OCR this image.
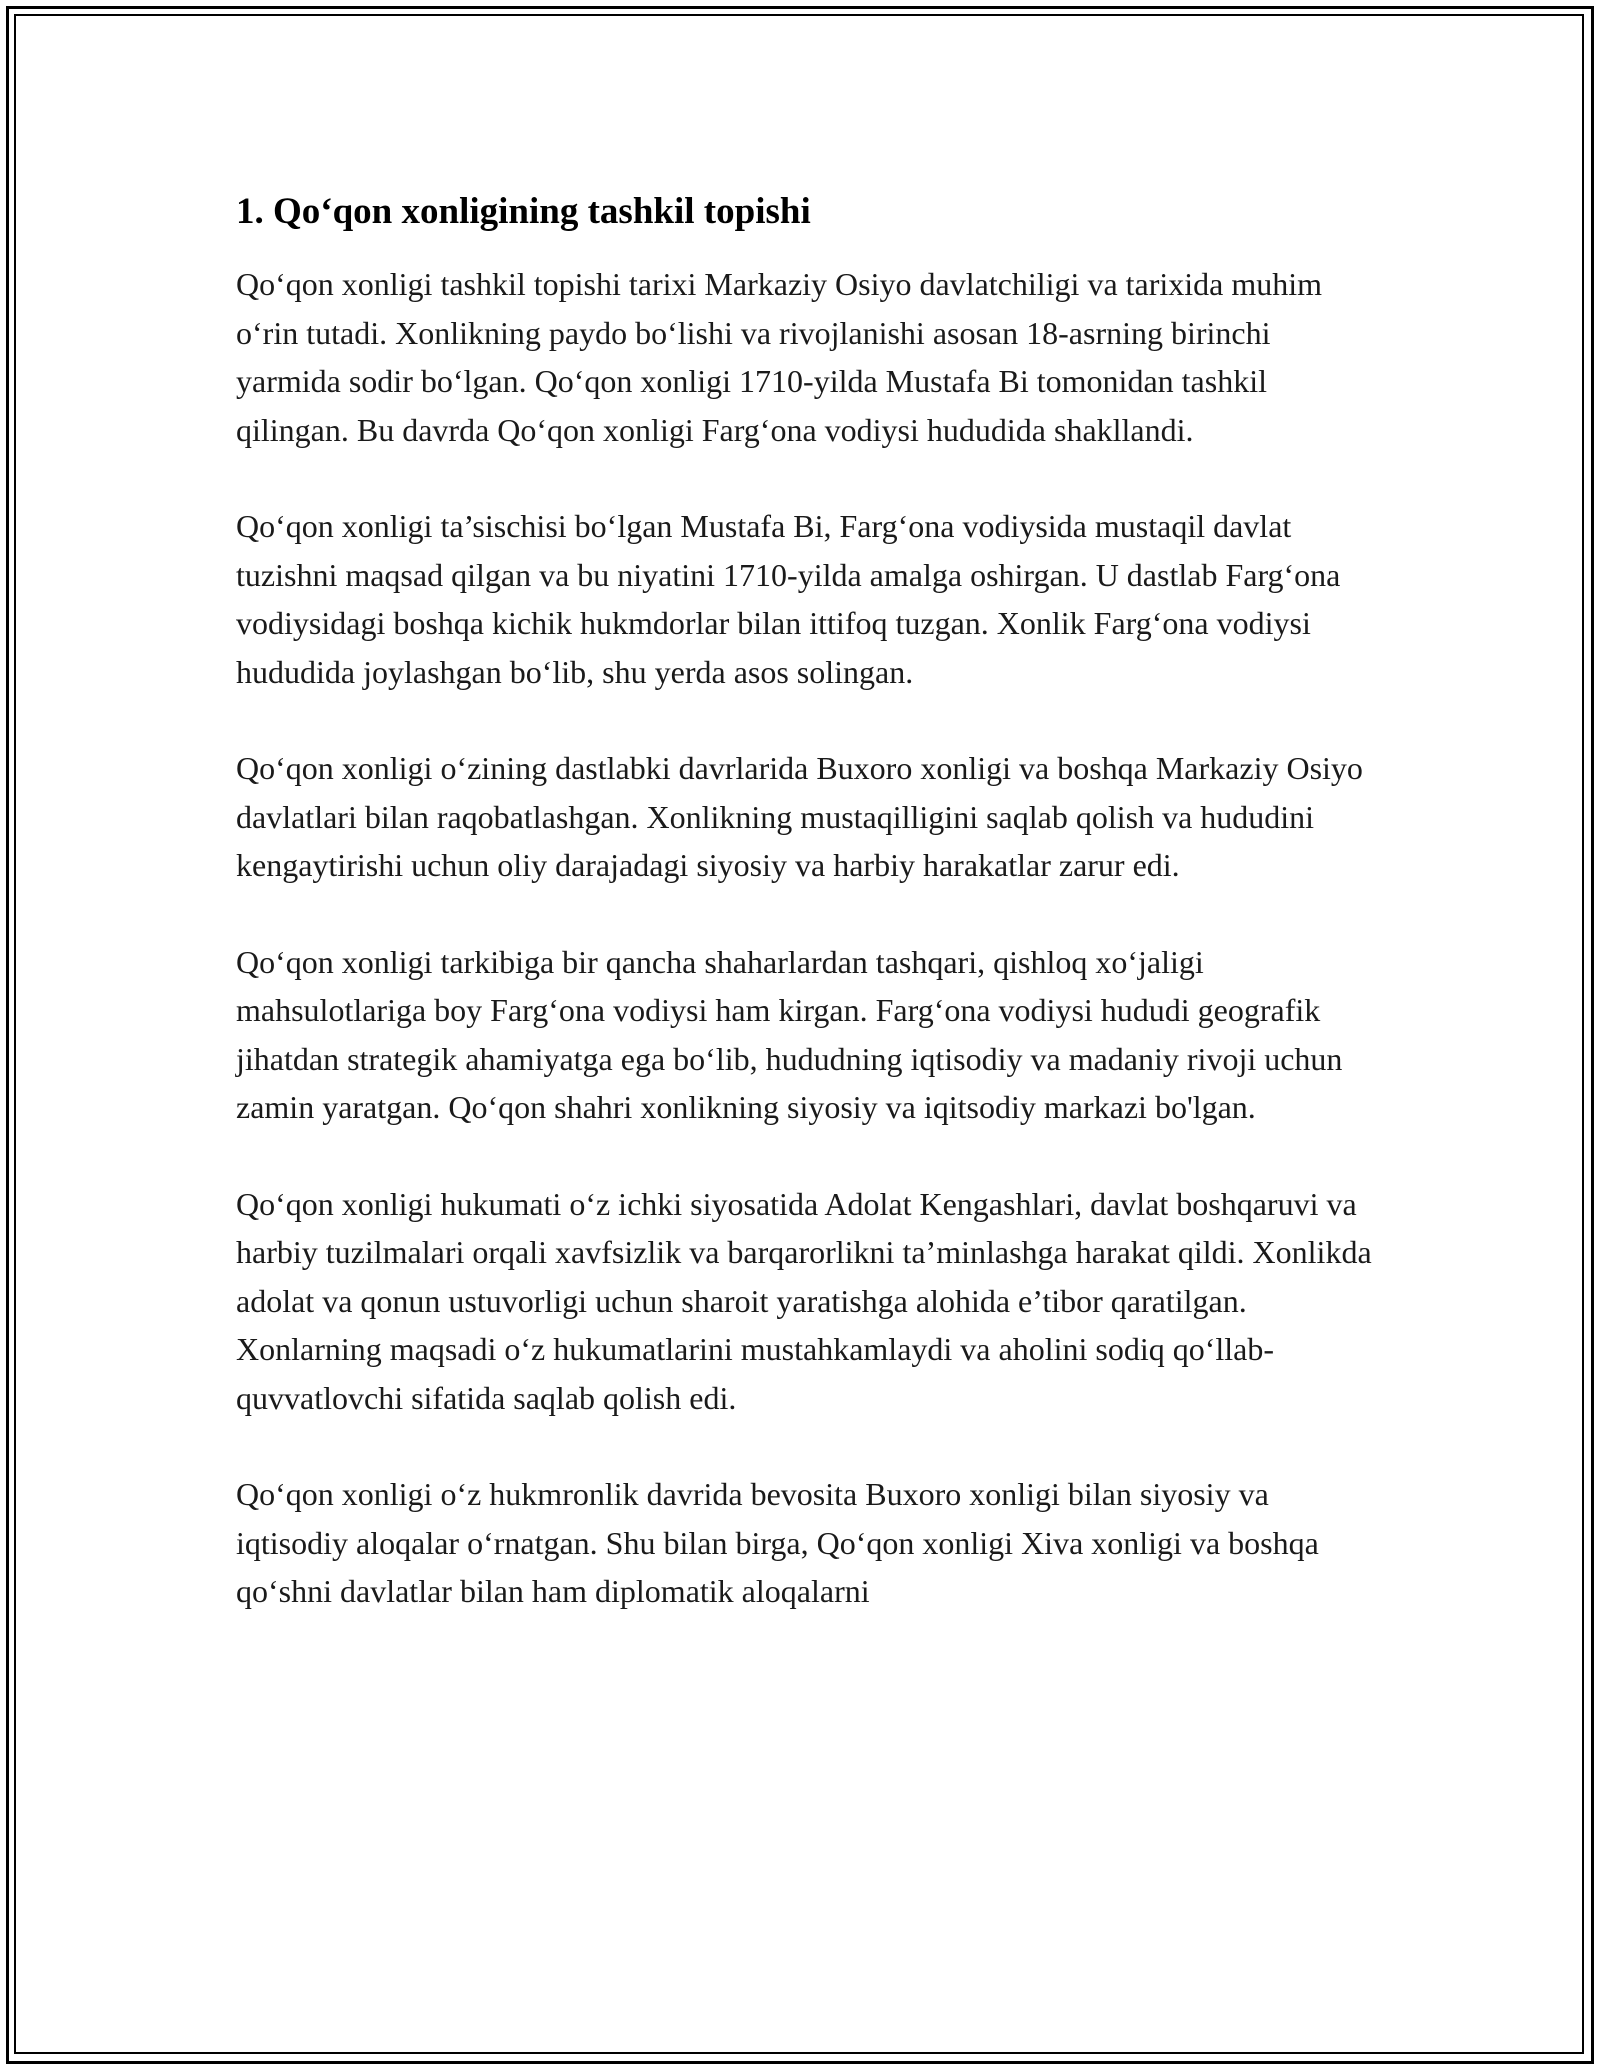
1. Qo‘qon xonligining tashkil topishi

Qo‘qon xonligi tashkil topishi tarixi Markaziy Osiyo davlatchiligi va tarixida muhim o‘rin tutadi. Xonlikning paydo bo‘lishi va rivojlanishi asosan 18-asrning birinchi yarmida sodir bo‘lgan. Qo‘qon xonligi 1710-yilda Mustafa Bi tomonidan tashkil qilingan. Bu davrda Qo‘qon xonligi Farg‘ona vodiysi hududida shakllandi.

Qo‘qon xonligi ta’sischisi bo‘lgan Mustafa Bi, Farg‘ona vodiysida mustaqil davlat tuzishni maqsad qilgan va bu niyatini 1710-yilda amalga oshirgan. U dastlab Farg‘ona vodiysidagi boshqa kichik hukmdorlar bilan ittifoq tuzgan. Xonlik Farg‘ona vodiysi hududida joylashgan bo‘lib, shu yerda asos solingan.

Qo‘qon xonligi o‘zining dastlabki davrlarida Buxoro xonligi va boshqa Markaziy Osiyo davlatlari bilan raqobatlashgan. Xonlikning mustaqilligini saqlab qolish va hududini kengaytirishi uchun oliy darajadagi siyosiy va harbiy harakatlar zarur edi.

Qo‘qon xonligi tarkibiga bir qancha shaharlardan tashqari, qishloq xo‘jaligi mahsulotlariga boy Farg‘ona vodiysi ham kirgan. Farg‘ona vodiysi hududi geografik jihatdan strategik ahamiyatga ega bo‘lib, hududning iqtisodiy va madaniy rivoji uchun zamin yaratgan. Qo‘qon shahri xonlikning siyosiy va iqitsodiy markazi bo'lgan.

Qo‘qon xonligi hukumati o‘z ichki siyosatida Adolat Kengashlari, davlat boshqaruvi va harbiy tuzilmalari orqali xavfsizlik va barqarorlikni ta’minlashga harakat qildi. Xonlikda adolat va qonun ustuvorligi uchun sharoit yaratishga alohida e’tibor qaratilgan. Xonlarning maqsadi o‘z hukumatlarini mustahkamlaydi va aholini sodiq qo‘llab-quvvatlovchi sifatida saqlab qolish edi.

Qo‘qon xonligi o‘z hukmronlik davrida bevosita Buxoro xonligi bilan siyosiy va iqtisodiy aloqalar o‘rnatgan. Shu bilan birga, Qo‘qon xonligi Xiva xonligi va boshqa qo‘shni davlatlar bilan ham diplomatik aloqalarni
